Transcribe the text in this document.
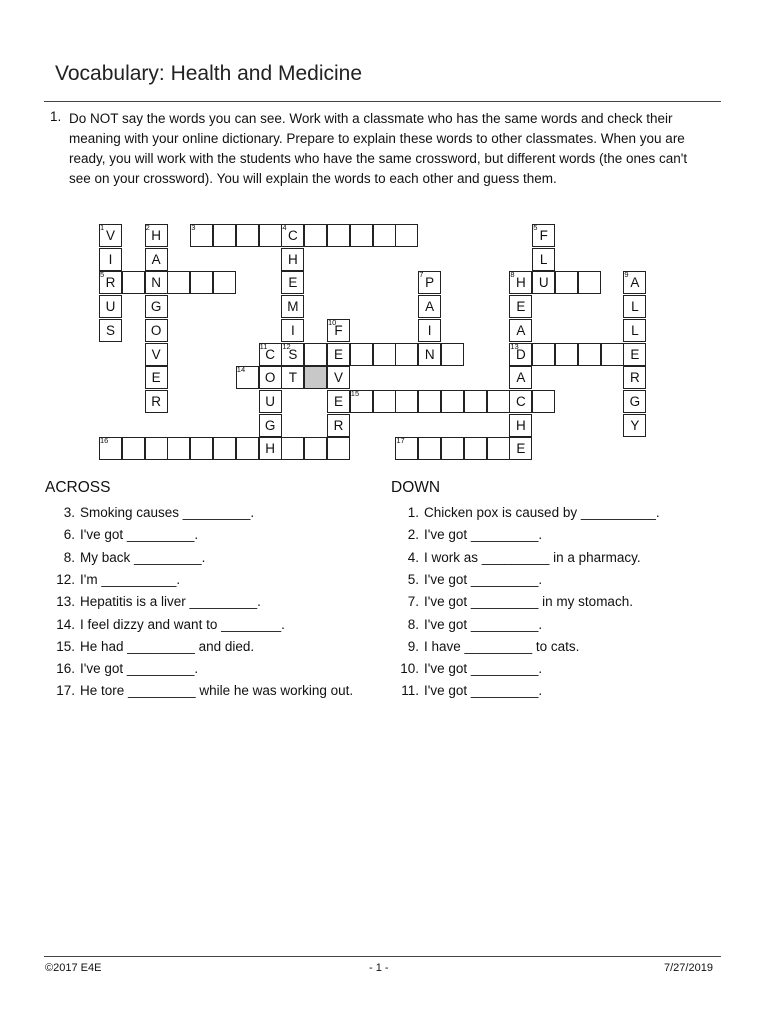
Vocabulary: Health and Medicine
1. Do NOT say the words you can see. Work with a classmate who has the same words and check their meaning with your online dictionary. Prepare to explain these words to other classmates. When you are ready, you will work with the students who have the same crossword, but different words (the ones can't see on your crossword). You will explain the words to each other and guess them.
1
V
I
5
R
U
S
2
H
A
N
G
O
V
E
R
3	4
C
H
E
M
I
12
S
T
7
P
A
I
N
5
F
L
U
8
H
E
A
13
D
A
C
H
E
9
A
L
L
E
R
G
Y
10
F
E
V
E
R
11
C
O
U
G
H
14
15
16	17
ACROSS
3. Smoking causes _________.
6. I've got _________.
8. My back _________.
12. I'm __________.
13. Hepatitis is a liver _________.
14. I feel dizzy and want to ________.
15. He had _________ and died.
16. I've got _________.
17. He tore _________ while he was working out.
DOWN
1. Chicken pox is caused by __________.
2. I've got _________.
4. I work as _________ in a pharmacy.
5. I've got _________.
7. I've got _________ in my stomach.
8. I've got _________.
9. I have _________ to cats.
10. I've got _________.
11. I've got _________.
©2017 E4E	- 1 -	7/27/2019
